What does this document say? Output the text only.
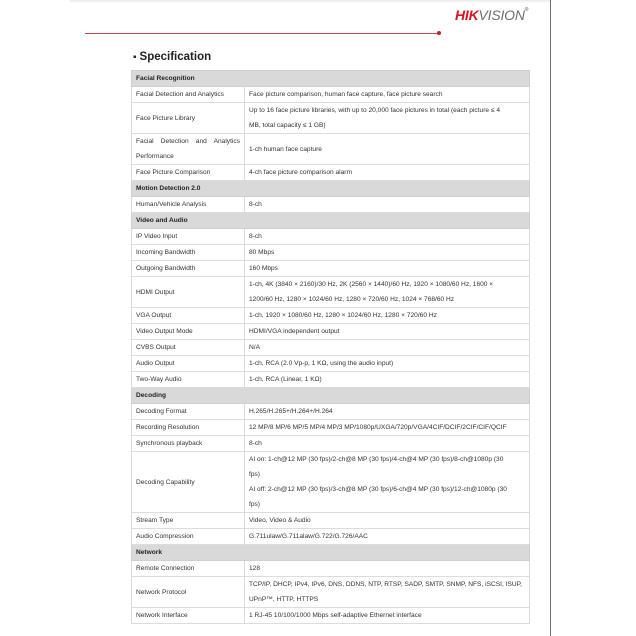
HIKVISION®
▪ Specification
Facial Recognition	
Facial Detection and Analytics	Face picture comparison, human face capture, face picture search

Face Picture Library	Up to 16 face picture libraries, with up to 20,000 face pictures in total (each picture ≤ 4
MB, total capacity ≤ 1 GB)

Facial Detection and Analytics
Performance	1-ch human face capture

Face Picture Comparison	4-ch face picture comparison alarm

Motion Detection 2.0	
Human/Vehicle Analysis	8-ch

Video and Audio	
IP Video Input	8-ch

Incoming Bandwidth	80 Mbps

Outgoing Bandwidth	160 Mbps

HDMI Output	1-ch, 4K (3840 × 2160)/30 Hz, 2K (2560 × 1440)/60 Hz, 1920 × 1080/60 Hz, 1600 ×
1200/60 Hz, 1280 × 1024/60 Hz, 1280 × 720/60 Hz, 1024 × 768/60 Hz

VGA Output	1-ch, 1920 × 1080/60 Hz, 1280 × 1024/60 Hz, 1280 × 720/60 Hz

Video Output Mode	HDMI/VGA independent output

CVBS Output	N/A

Audio Output	1-ch, RCA (2.0 Vp-p, 1 KΩ, using the audio input)

Two-Way Audio	1-ch, RCA (Linear, 1 KΩ)

Decoding	
Decoding Format	H.265/H.265+/H.264+/H.264

Recording Resolution	12 MP/8 MP/6 MP/5 MP/4 MP/3 MP/1080p/UXGA/720p/VGA/4CIF/DCIF/2CIF/CIF/QCIF

Synchronous playback	8-ch

Decoding Capability	AI on: 1-ch@12 MP (30 fps)/2-ch@8 MP (30 fps)/4-ch@4 MP (30 fps)/8-ch@1080p (30
fps)
AI off: 2-ch@12 MP (30 fps)/3-ch@8 MP (30 fps)/6-ch@4 MP (30 fps)/12-ch@1080p (30
fps)

Stream Type	Video, Video & Audio

Audio Compression	G.711ulaw/G.711alaw/G.722/G.726/AAC

Network	
Remote Connection	128

Network Protocol	TCP/IP, DHCP, IPv4, IPv6, DNS, DDNS, NTP, RTSP, SADP, SMTP, SNMP, NFS, iSCSI, ISUP,
UPnP™, HTTP, HTTPS

Network Interface	1 RJ-45 10/100/1000 Mbps self-adaptive Ethernet interface
